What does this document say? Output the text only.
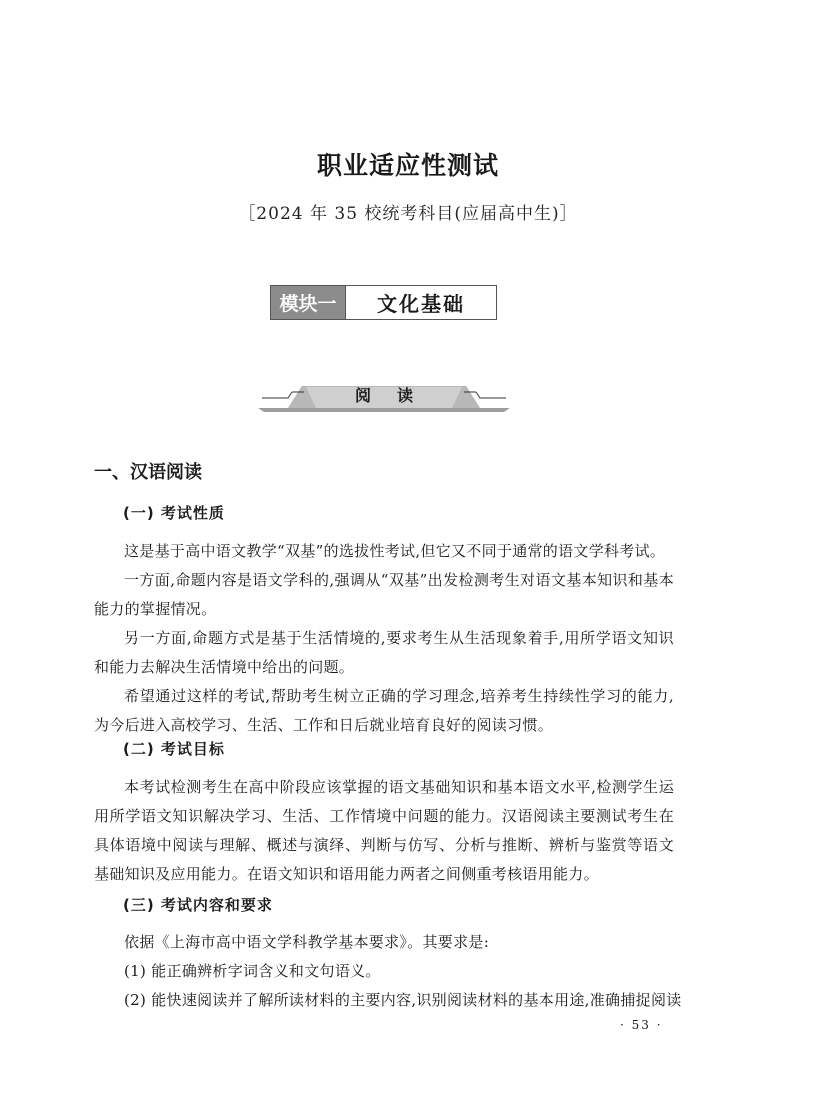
职业适应性测试
［2024 年 35 校统考科目(应届高中生)］
模块一	文化基础
阅读
一、汉语阅读
(一) 考试性质

这是基于高中语文教学“双基”的选拔性考试,但它又不同于通常的语文学科考试。

一方面,命题内容是语文学科的,强调从“双基”出发检测考生对语文基本知识和基本能力的掌握情况。

另一方面,命题方式是基于生活情境的,要求考生从生活现象着手,用所学语文知识和能力去解决生活情境中给出的问题。

希望通过这样的考试,帮助考生树立正确的学习理念,培养考生持续性学习的能力,为今后进入高校学习、生活、工作和日后就业培育良好的阅读习惯。

(二) 考试目标

本考试检测考生在高中阶段应该掌握的语文基础知识和基本语文水平,检测学生运用所学语文知识解决学习、生活、工作情境中问题的能力。汉语阅读主要测试考生在具体语境中阅读与理解、概述与演绎、判断与仿写、分析与推断、辨析与鉴赏等语文基础知识及应用能力。在语文知识和语用能力两者之间侧重考核语用能力。

(三) 考试内容和要求

依据《上海市高中语文学科教学基本要求》。其要求是:

(1) 能正确辨析字词含义和文句语义。

(2) 能快速阅读并了解所读材料的主要内容,识别阅读材料的基本用途,准确捕捉阅读

· 53 ·
